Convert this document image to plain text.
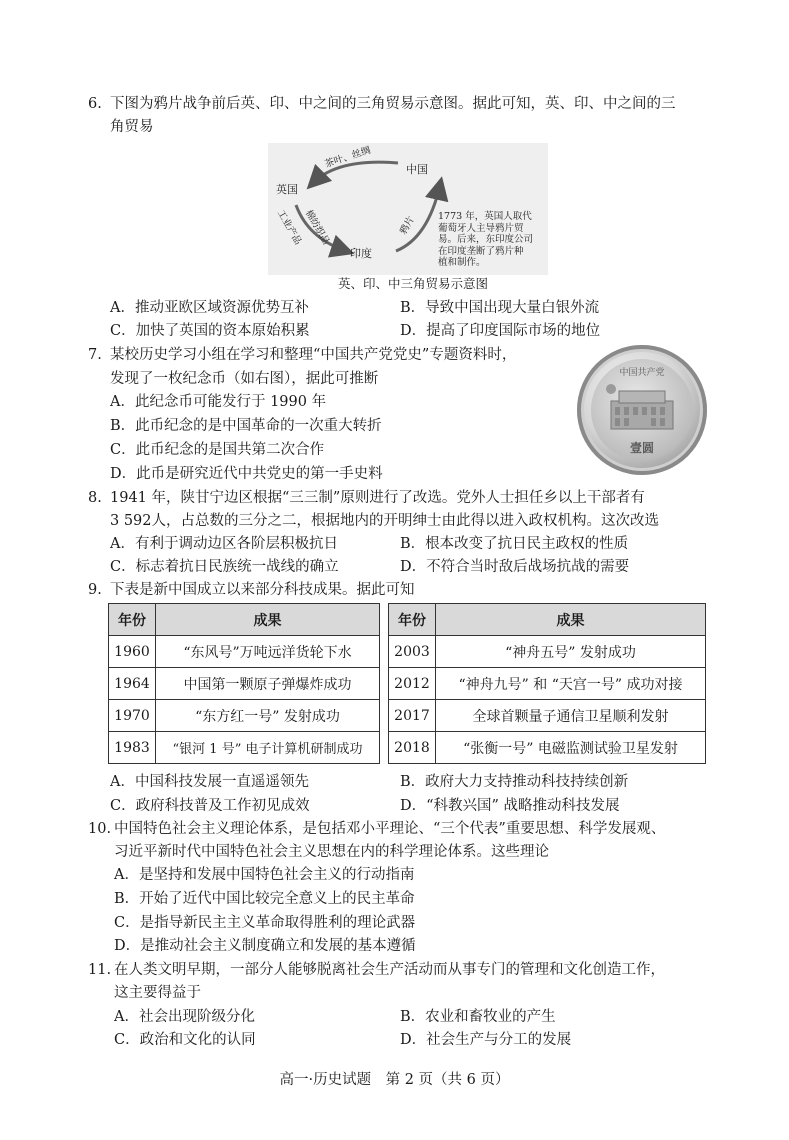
6. 下图为鸦片战争前后英、印、中之间的三角贸易示意图。据此可知，英、印、中之间的三
角贸易
英国
中国
印度
茶叶、丝绸
工业产品 棉纺织品	鸦片 1773 年，英国人取代
葡萄牙人主导鸦片贸
易。后来，东印度公司
在印度垄断了鸦片种
植和制作。
英、印、中三角贸易示意图
A．推动亚欧区域资源优势互补	B．导致中国出现大量白银外流
C．加快了英国的资本原始积累	D．提高了印度国际市场的地位
7. 某校历史学习小组在学习和整理“中国共产党党史”专题资料时，
发现了一枚纪念币（如右图），据此可推断	中国共产党
壹圆
A．此纪念币可能发行于 1990 年
B．此币纪念的是中国革命的一次重大转折
C．此币纪念的是国共第二次合作
D．此币是研究近代中共党史的第一手史料
8. 1941 年，陕甘宁边区根据“三三制”原则进行了改选。党外人士担任乡以上干部者有
3 592人，占总数的三分之二，根据地内的开明绅士由此得以进入政权机构。这次改选
A．有利于调动边区各阶层积极抗日	B．根本改变了抗日民主政权的性质
C．标志着抗日民族统一战线的确立	D．不符合当时敌后战场抗战的需要
9. 下表是新中国成立以来部分科技成果。据此可知
年份	成果
1960	“东风号”万吨远洋货轮下水
1964	中国第一颗原子弹爆炸成功
1970	“东方红一号” 发射成功
1983	“银河 1 号” 电子计算机研制成功
年份	成果
2003	“神舟五号” 发射成功
2012	“神舟九号” 和 “天宫一号” 成功对接
2017	全球首颗量子通信卫星顺利发射
2018	“张衡一号” 电磁监测试验卫星发射
A．中国科技发展一直遥遥领先	B．政府大力支持推动科技持续创新
C．政府科技普及工作初见成效	D．“科教兴国” 战略推动科技发展
10. 中国特色社会主义理论体系，是包括邓小平理论、“三个代表”重要思想、科学发展观、
习近平新时代中国特色社会主义思想在内的科学理论体系。这些理论
A．是坚持和发展中国特色社会主义的行动指南
B．开始了近代中国比较完全意义上的民主革命
C．是指导新民主主义革命取得胜利的理论武器
D．是推动社会主义制度确立和发展的基本遵循
11. 在人类文明早期，一部分人能够脱离社会生产活动而从事专门的管理和文化创造工作，
这主要得益于
A．社会出现阶级分化	B．农业和畜牧业的产生
C．政治和文化的认同	D．社会生产与分工的发展
高一·历史试题　第 2 页（共 6 页）
